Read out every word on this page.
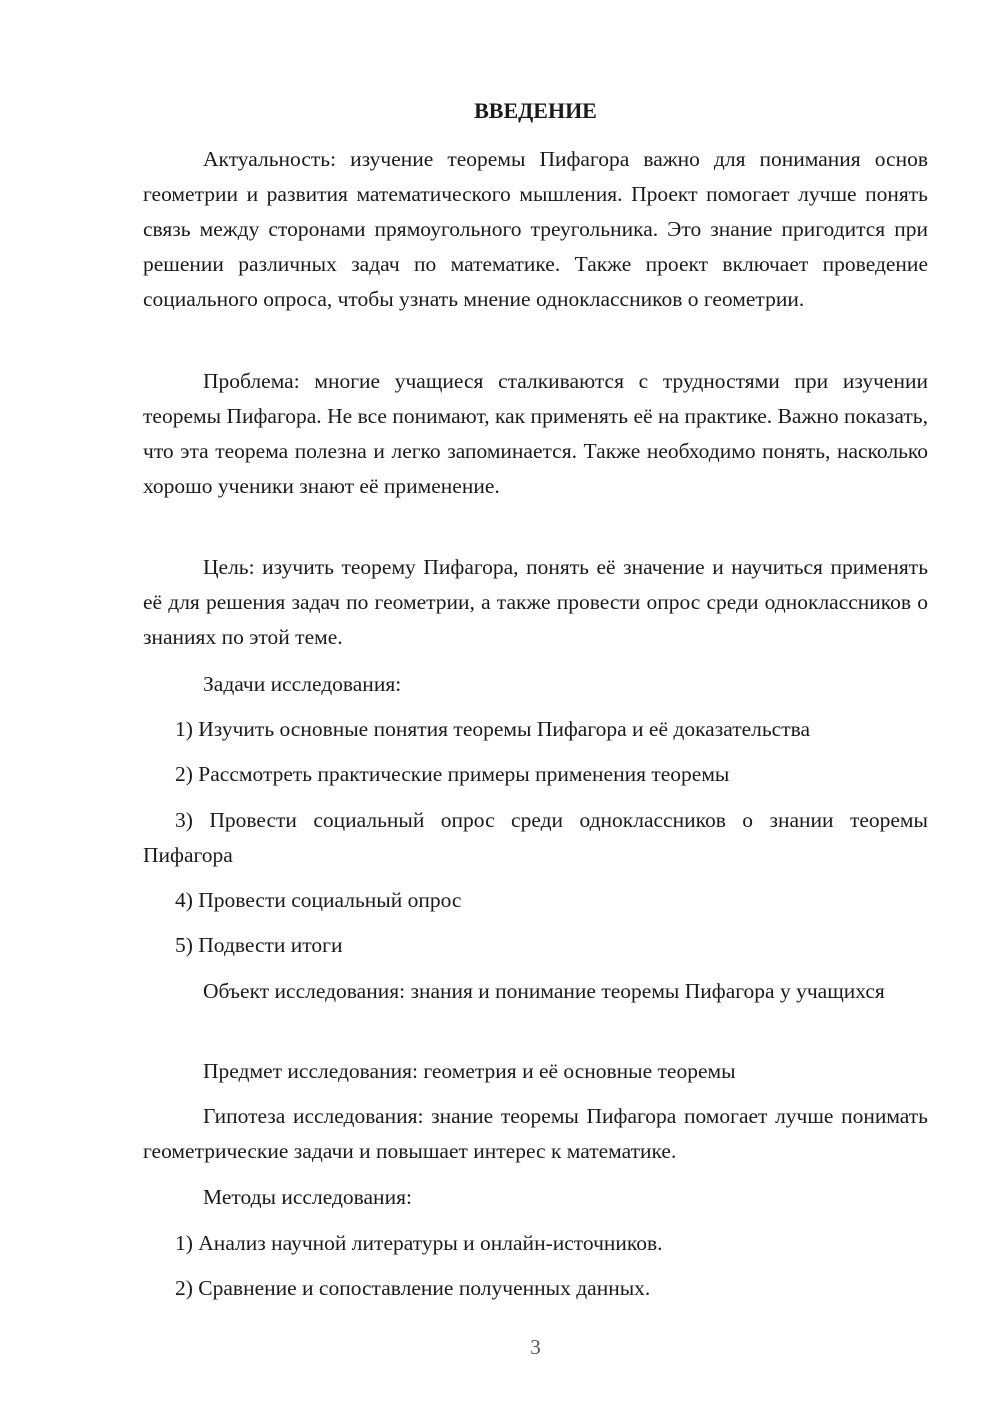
ВВЕДЕНИЕ

Актуальность: изучение теоремы Пифагора важно для понимания основ геометрии и развития математического мышления. Проект помогает лучше понять связь между сторонами прямоугольного треугольника. Это знание пригодится при решении различных задач по математике. Также проект включает проведение социального опроса, чтобы узнать мнение одноклассников о геометрии.

Проблема: многие учащиеся сталкиваются с трудностями при изучении теоремы Пифагора. Не все понимают, как применять её на практике. Важно показать, что эта теорема полезна и легко запоминается. Также необходимо понять, насколько хорошо ученики знают её применение.

Цель: изучить теорему Пифагора, понять её значение и научиться применять её для решения задач по геометрии, а также провести опрос среди одноклассников о знаниях по этой теме.

Задачи исследования:

1) Изучить основные понятия теоремы Пифагора и её доказательства

2) Рассмотреть практические примеры применения теоремы

3) Провести социальный опрос среди одноклассников о знании теоремы Пифагора

4) Провести социальный опрос

5) Подвести итоги

Объект исследования: знания и понимание теоремы Пифагора у учащихся

Предмет исследования: геометрия и её основные теоремы

Гипотеза исследования: знание теоремы Пифагора помогает лучше понимать геометрические задачи и повышает интерес к математике.

Методы исследования:

1) Анализ научной литературы и онлайн-источников.

2) Сравнение и сопоставление полученных данных.

3
